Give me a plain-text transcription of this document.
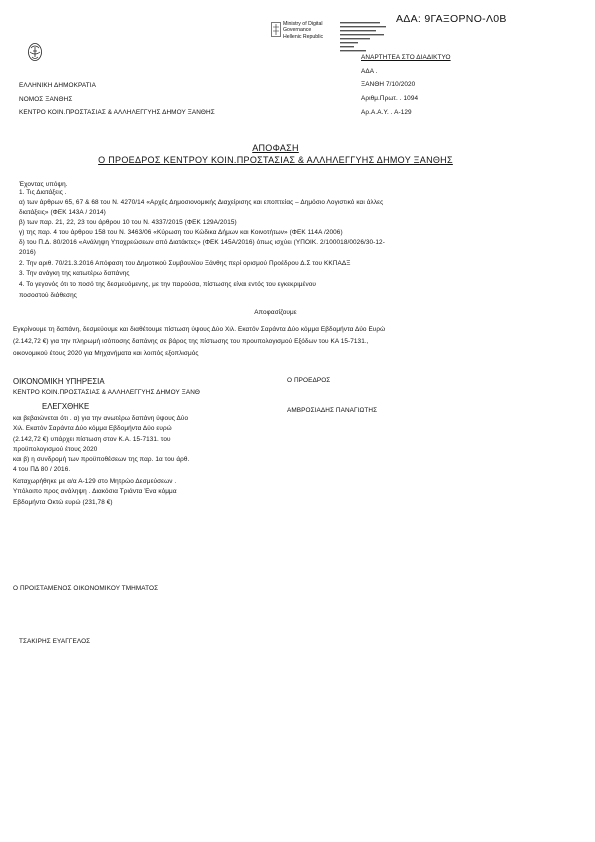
ΑΔΑ: 9ΓΑΞΟΡΝΟ-Λ0Β
Ministry of Digital
Governance
Hellenic Republic
ΕΛΛΗΝΙΚΗ ΔΗΜΟΚΡΑΤΙΑ
ΝΟΜΟΣ ΞΑΝΘΗΣ
ΚΕΝΤΡΟ ΚΟΙΝ.ΠΡΟΣΤΑΣΙΑΣ & ΑΛΛΗΛΕΓΓΥΗΣ ΔΗΜΟΥ ΞΑΝΘΗΣ
ΑΝΑΡΤΗΤΕΑ ΣΤΟ ΔΙΑΔΙΚΤΥΟ
ΑΔΑ .
ΞΑΝΘΗ 7/10/2020
Αριθμ.Πρωτ. . 1094
Αρ.Α.Α.Υ. . Α-129
ΑΠΟΦΑΣΗ
Ο ΠΡΟΕΔΡΟΣ ΚΕΝΤΡΟΥ ΚΟΙΝ.ΠΡΟΣΤΑΣΙΑΣ & ΑΛΛΗΛΕΓΓΥΗΣ ΔΗΜΟΥ ΞΑΝΘΗΣ
Έχοντας υπόψη.
1. Τις Διατάξεις .
α) των άρθρων 65, 67 & 68 του Ν. 4270/14 «Αρχές Δημοσιονομικής Διαχείρισης και εποπτείας – Δημόσιο Λογιστικό και άλλες
διατάξεις» (ΦΕΚ 143Α / 2014)
β) των παρ. 21, 22, 23 του άρθρου 10 του Ν. 4337/2015 (ΦΕΚ 129Α/2015)
γ) της παρ. 4 του άρθρου 158 του Ν. 3463/06 «Κύρωση του Κώδικα Δήμων και Κοινοτήτων» (ΦΕΚ 114Α /2006)
δ) του Π.Δ. 80/2016 «Ανάληψη Υποχρεώσεων από Διατάκτες» (ΦΕΚ 145Α/2016) όπως ισχύει (ΥΠΟΙΚ. 2/100018/0026/30-12-
2016)
2. Την αριθ. 70/21.3.2016 Απόφαση του Δημοτικού Συμβουλίου Ξάνθης περί ορισμού Προέδρου Δ.Σ του ΚΚΠΑΔΞ
3. Την ανάγκη της κατωτέρω δαπάνης
4. Το γεγονός ότι το ποσό της δεσμευόμενης, με την παρούσα, πίστωσης είναι εντός του εγκεκριμένου
ποσοστού διάθεσης
Αποφασίζουμε
Εγκρίνουμε τη δαπάνη, δεσμεύουμε και διαθέτουμε πίστωση ύψους Δύο Χιλ. Εκατόν Σαράντα Δύο κόμμα Εβδομήντα Δύο Ευρώ
(2.142,72 €) για την πληρωμή ισόποσης δαπάνης σε βάρος της πίστωσης του προυπολογισμού Εξόδων του ΚΑ 15-7131.,
οικονομικού έτους 2020 για Μηχανήματα και λοιπός εξοπλισμός
ΟΙΚΟΝΟΜΙΚΗ ΥΠΗΡΕΣΙΑ
ΚΕΝΤΡΟ ΚΟΙΝ.ΠΡΟΣΤΑΣΙΑΣ & ΑΛΛΗΛΕΓΓΥΗΣ ΔΗΜΟΥ ΞΑΝΘ
ΕΛΕΓΧΘΗΚΕ
και βεβαιώνεται ότι . α) για την ανωτέρω δαπάνη ύψους Δύο
Χιλ. Εκατόν Σαράντα Δύο κόμμα Εβδομήντα Δύο ευρώ
(2.142,72 €) υπάρχει πίστωση στον Κ.Α. 15-7131. του
προϋπολογισμού έτους 2020
και β) η συνδρομή των προϋποθέσεων της παρ. 1α του άρθ.
4 του ΠΔ 80 / 2016.
Καταχωρήθηκε με α/α Α-129 στο Μητρώο Δεσμεύσεων .
Υπόλοιπο προς ανάληψη . Διακόσια Τριάντα Ένα κόμμα
Εβδομήντα Οκτώ ευρώ (231,78 €)
Ο ΠΡΟΕΔΡΟΣ
ΑΜΒΡΟΣΙΑΔΗΣ ΠΑΝΑΓΙΩΤΗΣ
Ο ΠΡΟΙΣΤΑΜΕΝΟΣ ΟΙΚΟΝΟΜΙΚΟΥ ΤΜΗΜΑΤΟΣ
ΤΣΑΚΙΡΗΣ ΕΥΑΓΓΕΛΟΣ
